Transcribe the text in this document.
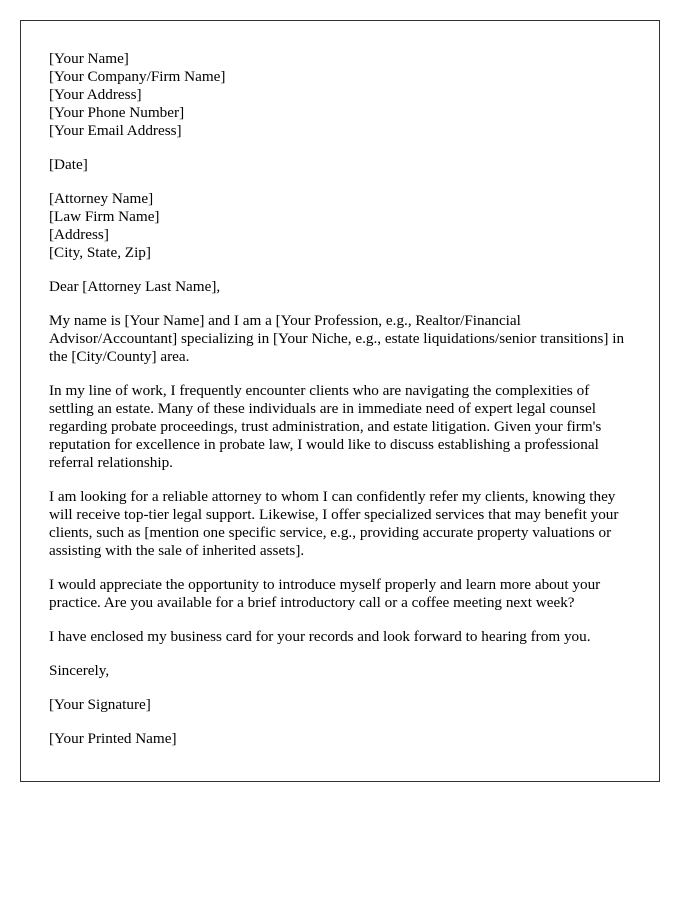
[Your Name]
[Your Company/Firm Name]
[Your Address]
[Your Phone Number]
[Your Email Address]
[Date]
[Attorney Name]
[Law Firm Name]
[Address]
[City, State, Zip]

Dear [Attorney Last Name],

My name is [Your Name] and I am a [Your Profession, e.g., Realtor/Financial Advisor/Accountant] specializing in [Your Niche, e.g., estate liquidations/senior transitions] in the [City/County] area.

In my line of work, I frequently encounter clients who are navigating the complexities of settling an estate. Many of these individuals are in immediate need of expert legal counsel regarding probate proceedings, trust administration, and estate litigation. Given your firm's reputation for excellence in probate law, I would like to discuss establishing a professional referral relationship.

I am looking for a reliable attorney to whom I can confidently refer my clients, knowing they will receive top-tier legal support. Likewise, I offer specialized services that may benefit your clients, such as [mention one specific service, e.g., providing accurate property valuations or assisting with the sale of inherited assets].

I would appreciate the opportunity to introduce myself properly and learn more about your practice. Are you available for a brief introductory call or a coffee meeting next week?

I have enclosed my business card for your records and look forward to hearing from you.

Sincerely,

[Your Signature]

[Your Printed Name]
